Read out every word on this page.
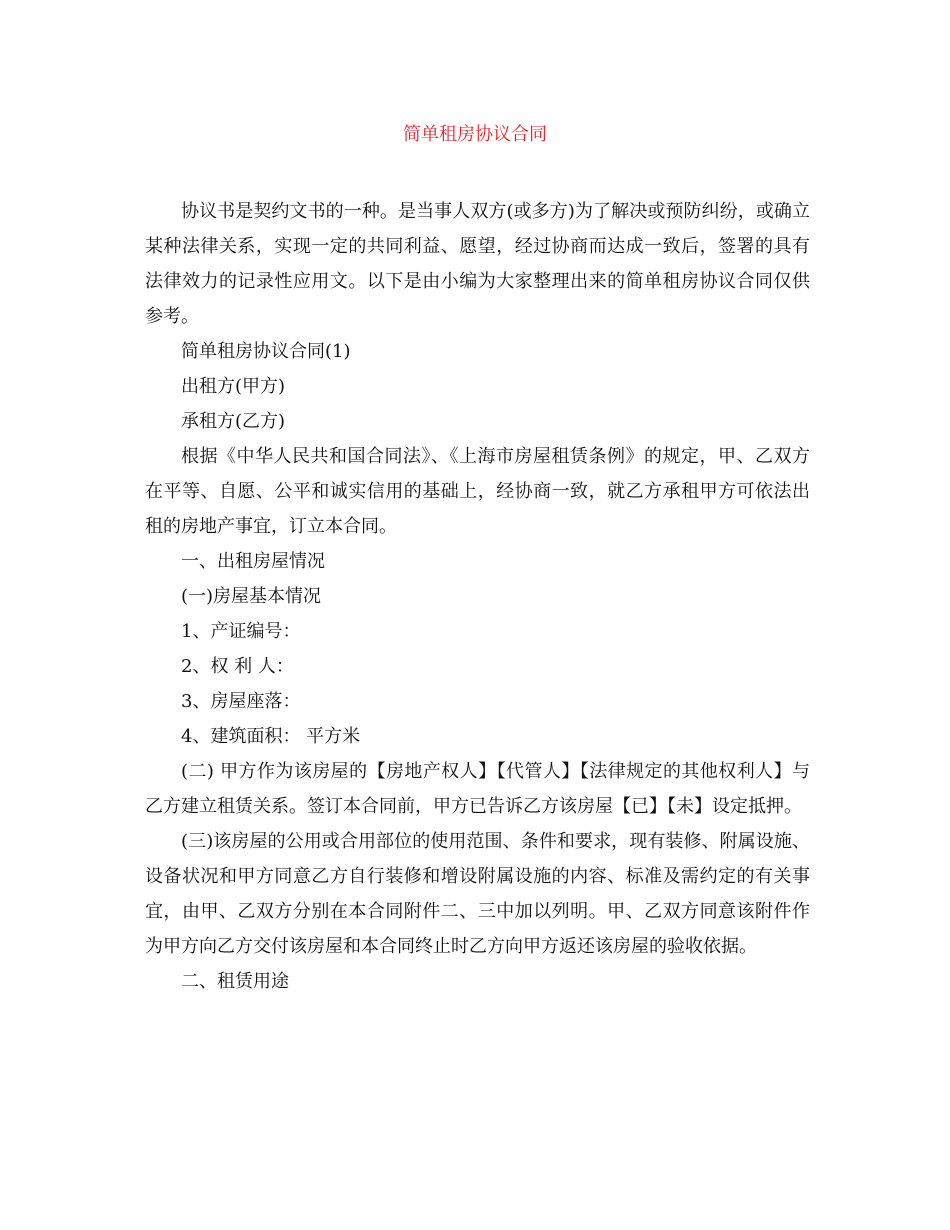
简单租房协议合同

协议书是契约文书的一种。是当事人双方(或多方)为了解决或预防纠纷，或确立某种法律关系，实现一定的共同利益、愿望，经过协商而达成一致后，签署的具有法律效力的记录性应用文。以下是由小编为大家整理出来的简单租房协议合同仅供参考。

简单租房协议合同(1)

出租方(甲方)

承租方(乙方)

根据《中华人民共和国合同法》、《上海市房屋租赁条例》的规定，甲、乙双方在平等、自愿、公平和诚实信用的基础上，经协商一致，就乙方承租甲方可依法出租的房地产事宜，订立本合同。

一、出租房屋情况

(一)房屋基本情况

1、产证编号：

2、权 利 人：

3、房屋座落：

4、建筑面积： 平方米

(二) 甲方作为该房屋的【房地产权人】【代管人】【法律规定的其他权利人】与乙方建立租赁关系。签订本合同前，甲方已告诉乙方该房屋【已】【未】设定抵押。

(三)该房屋的公用或合用部位的使用范围、条件和要求，现有装修、附属设施、设备状况和甲方同意乙方自行装修和增设附属设施的内容、标准及需约定的有关事宜，由甲、乙双方分别在本合同附件二、三中加以列明。甲、乙双方同意该附件作为甲方向乙方交付该房屋和本合同终止时乙方向甲方返还该房屋的验收依据。

二、租赁用途
